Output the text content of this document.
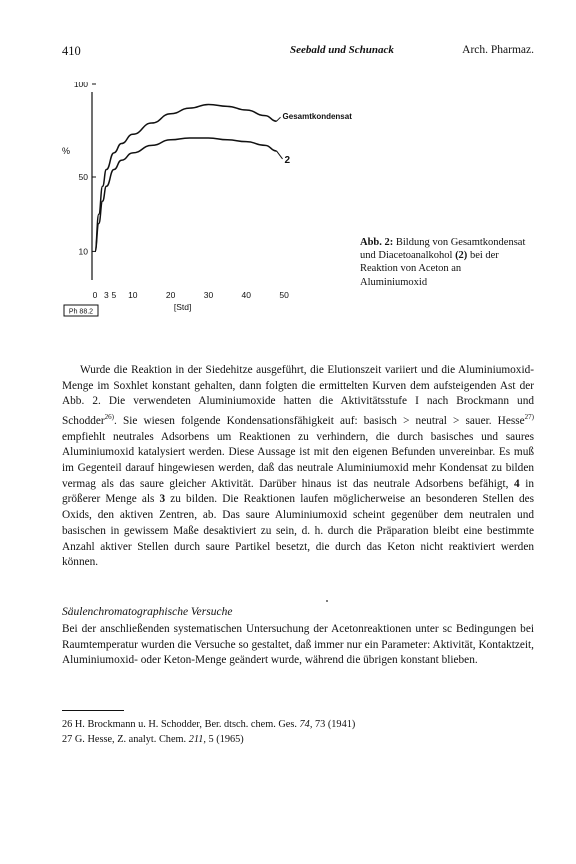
410	Seebald und Schunack	Arch. Pharmaz.
100
50
10
%
0 3 5 10	20	30	40	50
[Std]
Gesamtkondensat
2
Ph 88.2
Abb. 2: Bildung von Gesamtkondensat und Diacetoanalkohol (2) bei der Reaktion von Aceton an Aluminiumoxid

Wurde die Reaktion in der Siedehitze ausgeführt, die Elutionszeit variiert und die Aluminiumoxid-Menge im Soxhlet konstant gehalten, dann folgten die ermittelten Kurven dem aufsteigenden Ast der Abb. 2. Die verwendeten Aluminiumoxide hatten die Aktivitätsstufe I nach Brockmann und Schodder$^{26)}$. Sie wiesen folgende Kondensationsfähigkeit auf: basisch > neutral > sauer. Hesse$^{27)}$ empfiehlt neutrales Adsorbens um Reaktionen zu verhindern, die durch basisches und saures Aluminiumoxid katalysiert werden. Diese Aussage ist mit den eigenen Befunden unvereinbar. Es muß im Gegenteil darauf hingewiesen werden, daß das neutrale Aluminiumoxid mehr Kondensat zu bilden vermag als das saure gleicher Aktivität. Darüber hinaus ist das neutrale Adsorbens befähigt, 4 in größerer Menge als 3 zu bilden. Die Reaktionen laufen möglicherweise an besonderen Stellen des Oxids, den aktiven Zentren, ab. Das saure Aluminiumoxid scheint gegenüber dem neutralen und basischen in gewissem Maße desaktiviert zu sein, d. h. durch die Präparation bleibt eine bestimmte Anzahl aktiver Stellen durch saure Partikel besetzt, die durch das Keton nicht reaktiviert werden können.

Säulenchromatographische Versuche

Bei der anschließenden systematischen Untersuchung der Acetonreaktionen unter sc Bedingungen bei Raumtemperatur wurden die Versuche so gestaltet, daß immer nur ein Parameter: Aktivität, Kontaktzeit, Aluminiumoxid- oder Keton-Menge geändert wurde, während die übrigen konstant blieben.

26 H. Brockmann u. H. Schodder, Ber. dtsch. chem. Ges. 74, 73 (1941)
27 G. Hesse, Z. analyt. Chem. 211, 5 (1965)
